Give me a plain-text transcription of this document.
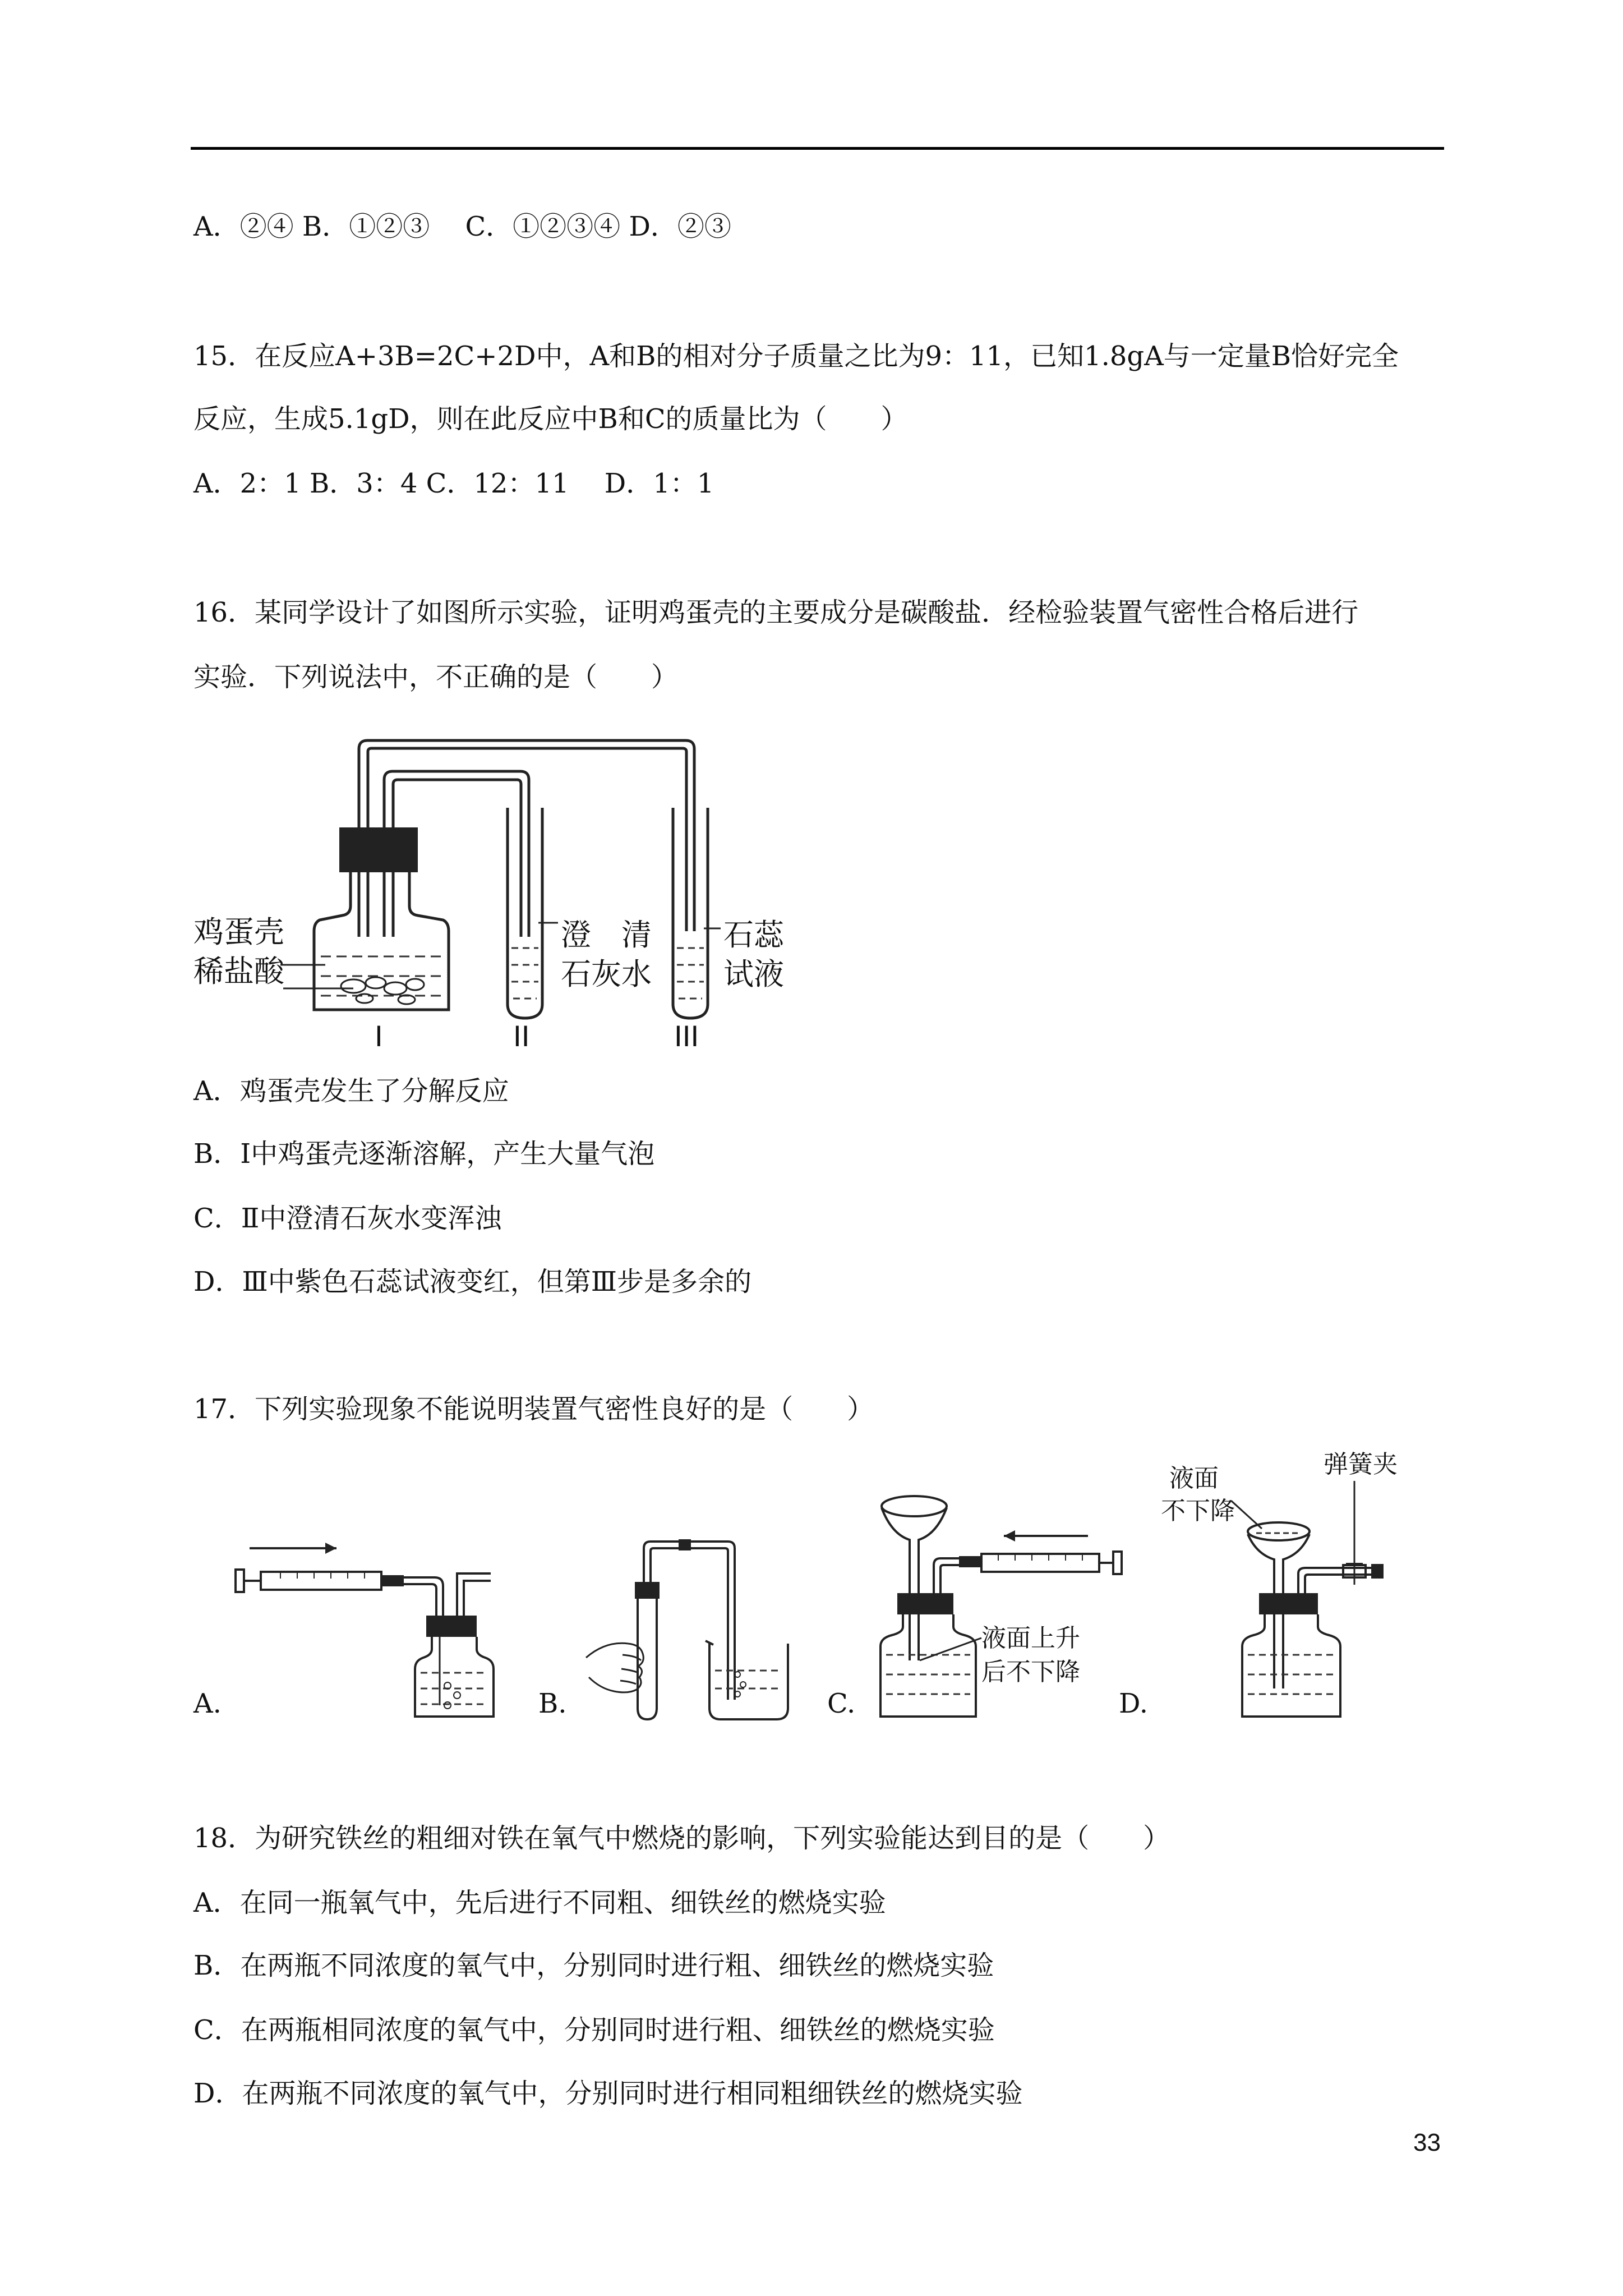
A．②④ B．①②③　 C．①②③④ D．②③
15．在反应A+3B=2C+2D中，A和B的相对分子质量之比为9：11，已知1.8gA与一定量B恰好完全
反应，生成5.1gD，则在此反应中B和C的质量比为（　　）
A．2：1 B．3：4 C．12：11　 D．1：1
16．某同学设计了如图所示实验，证明鸡蛋壳的主要成分是碳酸盐．经检验装置气密性合格后进行
实验．下列说法中，不正确的是（　　）
鸡蛋壳
稀盐酸
澄　清
石灰水
石蕊
试液
I	II	III
A．鸡蛋壳发生了分解反应
B．Ⅰ中鸡蛋壳逐渐溶解，产生大量气泡
C．Ⅱ中澄清石灰水变浑浊
D．Ⅲ中紫色石蕊试液变红，但第Ⅲ步是多余的
17．下列实验现象不能说明装置气密性良好的是（　　）
A.	B.
液面上升
后不下降
C.
液面
不下降
弹簧夹
D.
18．为研究铁丝的粗细对铁在氧气中燃烧的影响，下列实验能达到目的是（　　）
A．在同一瓶氧气中，先后进行不同粗、细铁丝的燃烧实验
B．在两瓶不同浓度的氧气中，分别同时进行粗、细铁丝的燃烧实验
C．在两瓶相同浓度的氧气中，分别同时进行粗、细铁丝的燃烧实验
D．在两瓶不同浓度的氧气中，分别同时进行相同粗细铁丝的燃烧实验
33
